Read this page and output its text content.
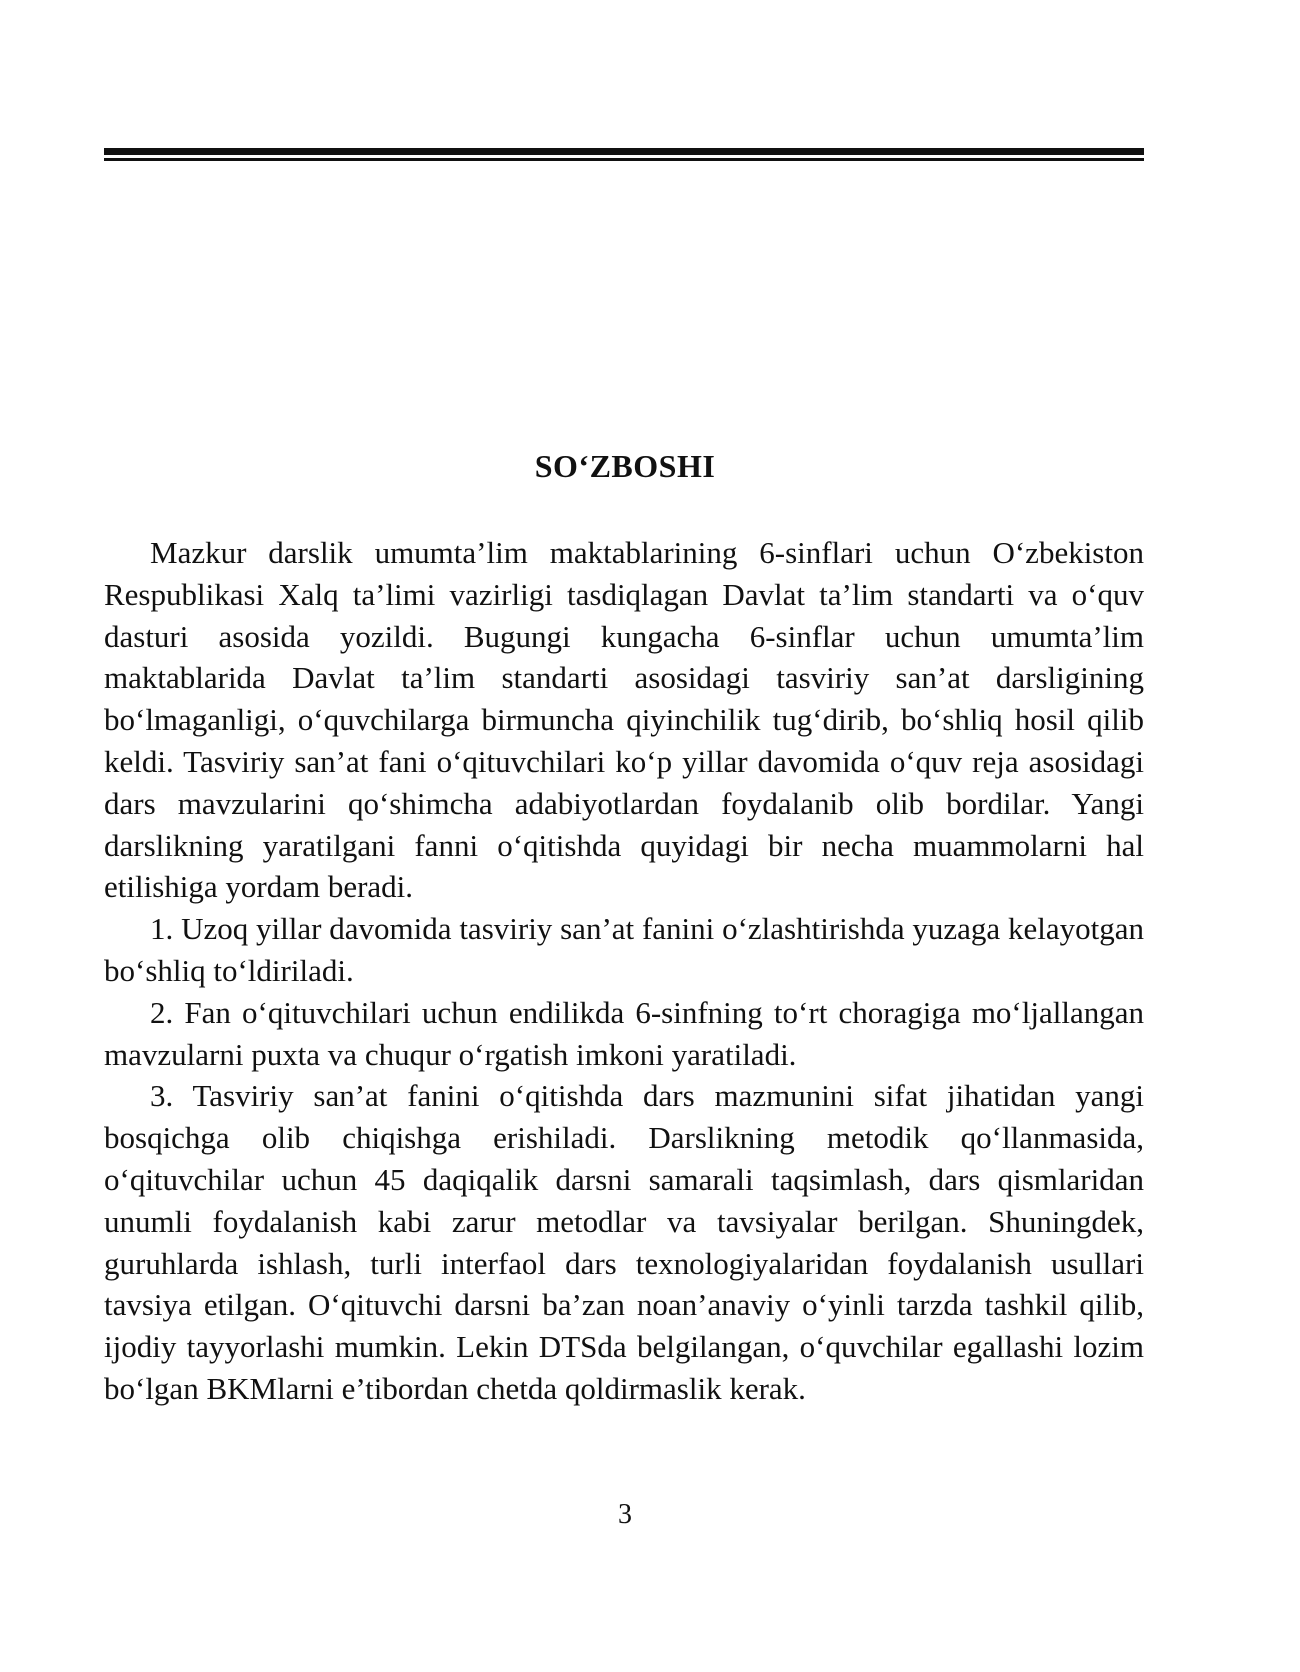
SO‘ZBOSHI

Mazkur darslik umumta’lim maktablarining 6-sinflari uchun O‘zbekiston Respublikasi Xalq ta’limi vazirligi tasdiqlagan Davlat ta’lim standarti va o‘quv dasturi asosida yozildi. Bugungi kungacha 6-sinflar uchun umumta’lim maktablarida Davlat ta’lim standarti asosidagi tasviriy san’at darsligining bo‘lmaganligi, o‘quvchilarga birmuncha qiyinchilik tug‘dirib, bo‘shliq hosil qilib keldi. Tasviriy san’at fani o‘qituvchilari ko‘p yillar davomida o‘quv reja asosidagi dars mavzularini qo‘shimcha adabiyotlardan foydalanib olib bordilar. Yangi darslikning yaratilgani fanni o‘qitishda quyidagi bir necha muammolarni hal etilishiga yordam beradi.

1. Uzoq yillar davomida tasviriy san’at fanini o‘zlashtirishda yuzaga kelayotgan bo‘shliq to‘ldiriladi.

2. Fan o‘qituvchilari uchun endilikda 6-sinfning to‘rt choragiga mo‘ljallangan mavzularni puxta va chuqur o‘rgatish imkoni yaratiladi.

3. Tasviriy san’at fanini o‘qitishda dars mazmunini sifat jihatidan yangi bosqichga olib chiqishga erishiladi. Darslikning metodik qo‘llanmasida, o‘qituvchilar uchun 45 daqiqalik darsni samarali taqsimlash, dars qismlaridan unumli foydalanish kabi zarur metodlar va tavsiyalar berilgan. Shuningdek, guruhlarda ishlash, turli interfaol dars texnologiyalaridan foydalanish usullari tavsiya etilgan. O‘qituvchi darsni ba’zan noan’anaviy o‘yinli tarzda tashkil qilib, ijodiy tayyorlashi mumkin. Lekin DTSda belgilangan, o‘quvchilar egallashi lozim bo‘lgan BKMlarni e’tibordan chetda qoldirmaslik kerak.

3
